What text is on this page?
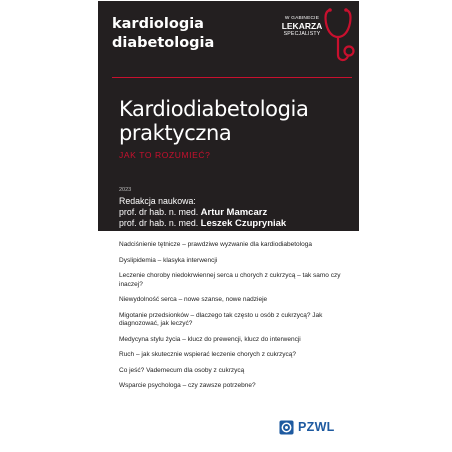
kardiologia
diabetologia
W GABINECIE
LEKARZA
SPECJALISTY
Kardiodiabetologia
praktyczna
JAK TO ROZUMIEĆ?
2023
Redakcja naukowa:
prof. dr hab. n. med. Artur Mamcarz
prof. dr hab. n. med. Leszek Czupryniak
Nadciśnienie tętnicze – prawdziwe wyzwanie dla kardiodiabetologa
Dyslipidemia – klasyka interwencji
Leczenie choroby niedokrwiennej serca u chorych z cukrzycą – tak samo czy inaczej?
Niewydolność serca – nowe szanse, nowe nadzieje
Migotanie przedsionków – dlaczego tak często u osób z cukrzycą? Jak diagnozować, jak leczyć?
Medycyna stylu życia – klucz do prewencji, klucz do interwencji
Ruch – jak skutecznie wspierać leczenie chorych z cukrzycą?
Co jeść? Vademecum dla osoby z cukrzycą
Wsparcie psychologa – czy zawsze potrzebne?
PZWL
